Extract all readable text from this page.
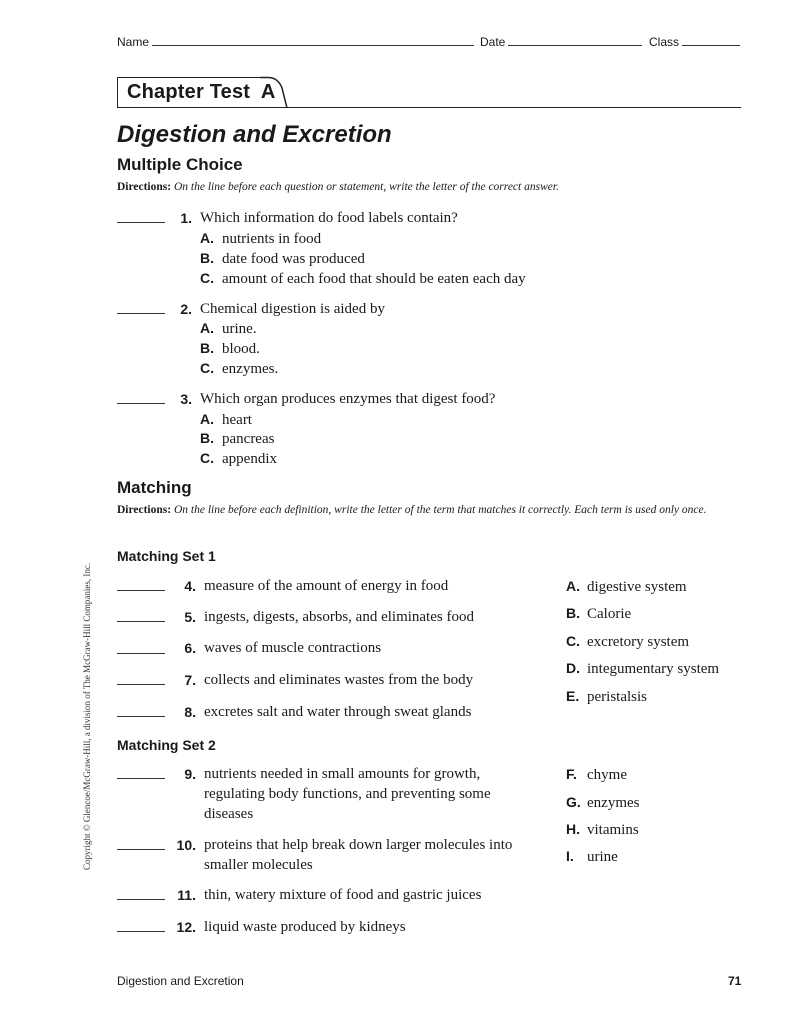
Name	Date	Class
Chapter Test  A
Digestion and Excretion
Multiple Choice
Directions: On the line before each question or statement, write the letter of the correct answer.
1. Which information do food labels contain?
A. nutrients in food
B. date food was produced
C. amount of each food that should be eaten each day
2. Chemical digestion is aided by
A. urine.
B. blood.
C. enzymes.
3. Which organ produces enzymes that digest food?
A. heart
B. pancreas
C. appendix
Matching
Directions: On the line before each definition, write the letter of the term that matches it correctly. Each term is used only once.
Matching Set 1
4. measure of the amount of energy in food
5. ingests, digests, absorbs, and eliminates food
6. waves of muscle contractions
7. collects and eliminates wastes from the body
8. excretes salt and water through sweat glands
A. digestive system
B. Calorie
C. excretory system
D. integumentary system
E. peristalsis
Matching Set 2
9. nutrients needed in small amounts for growth, regulating body functions, and preventing some diseases
10. proteins that help break down larger molecules into smaller molecules
11. thin, watery mixture of food and gastric juices
12. liquid waste produced by kidneys
F. chyme
G. enzymes
H. vitamins
I. urine
Copyright © Glencoe/McGraw-Hill, a division of The McGraw-Hill Companies, Inc.
Digestion and Excretion	71
